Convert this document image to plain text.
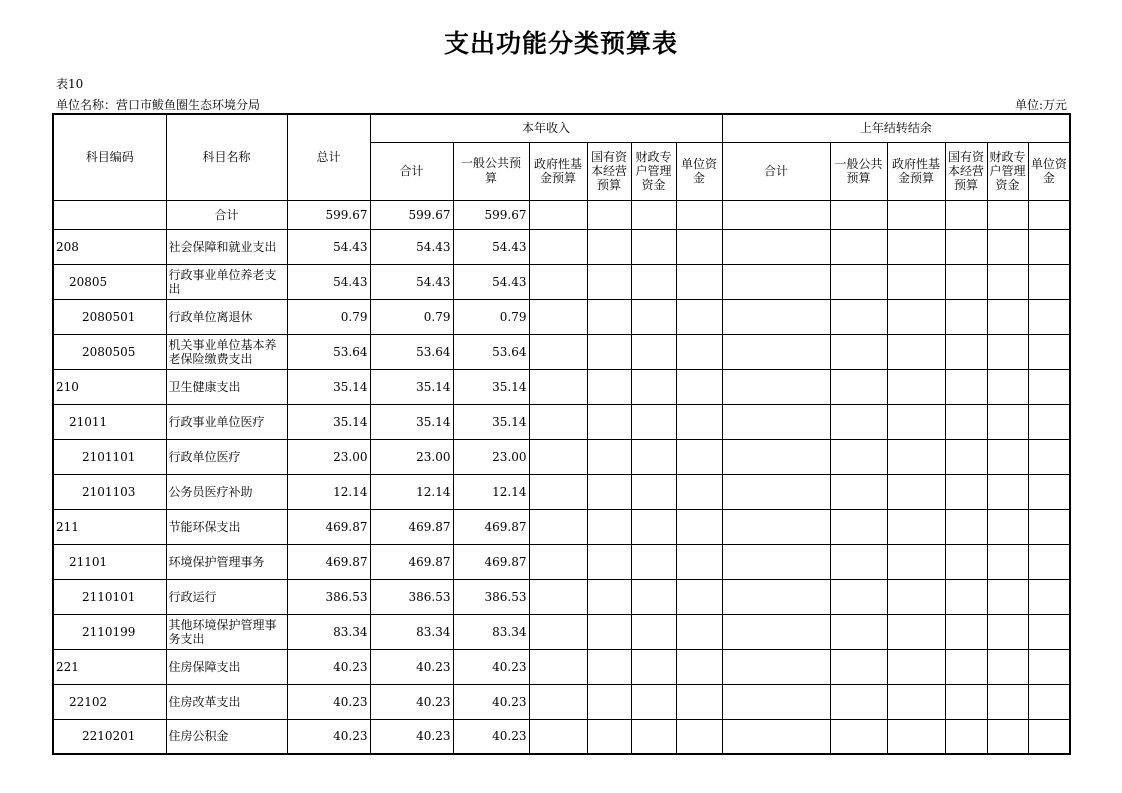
支出功能分类预算表
表10
单位名称：营口市鲅鱼圈生态环境分局	单位:万元
科目编码	科目名称	总计	本年收入						上年结转结余					
			合计	一般公共预算	政府性基金预算	国有资本经营预算	财政专户管理资金	单位资金	合计	一般公共预算	政府性基金预算	国有资本经营预算	财政专户管理资金	单位资金
	合计	599.67	599.67	599.67										
208	社会保障和就业支出	54.43	54.43	54.43										
20805	行政事业单位养老支出	54.43	54.43	54.43										
2080501	行政单位离退休	0.79	0.79	0.79										
2080505	机关事业单位基本养老保险缴费支出	53.64	53.64	53.64										
210	卫生健康支出	35.14	35.14	35.14										
21011	行政事业单位医疗	35.14	35.14	35.14										
2101101	行政单位医疗	23.00	23.00	23.00										
2101103	公务员医疗补助	12.14	12.14	12.14										
211	节能环保支出	469.87	469.87	469.87										
21101	环境保护管理事务	469.87	469.87	469.87										
2110101	行政运行	386.53	386.53	386.53										
2110199	其他环境保护管理事务支出	83.34	83.34	83.34										
221	住房保障支出	40.23	40.23	40.23										
22102	住房改革支出	40.23	40.23	40.23										
2210201	住房公积金	40.23	40.23	40.23										
